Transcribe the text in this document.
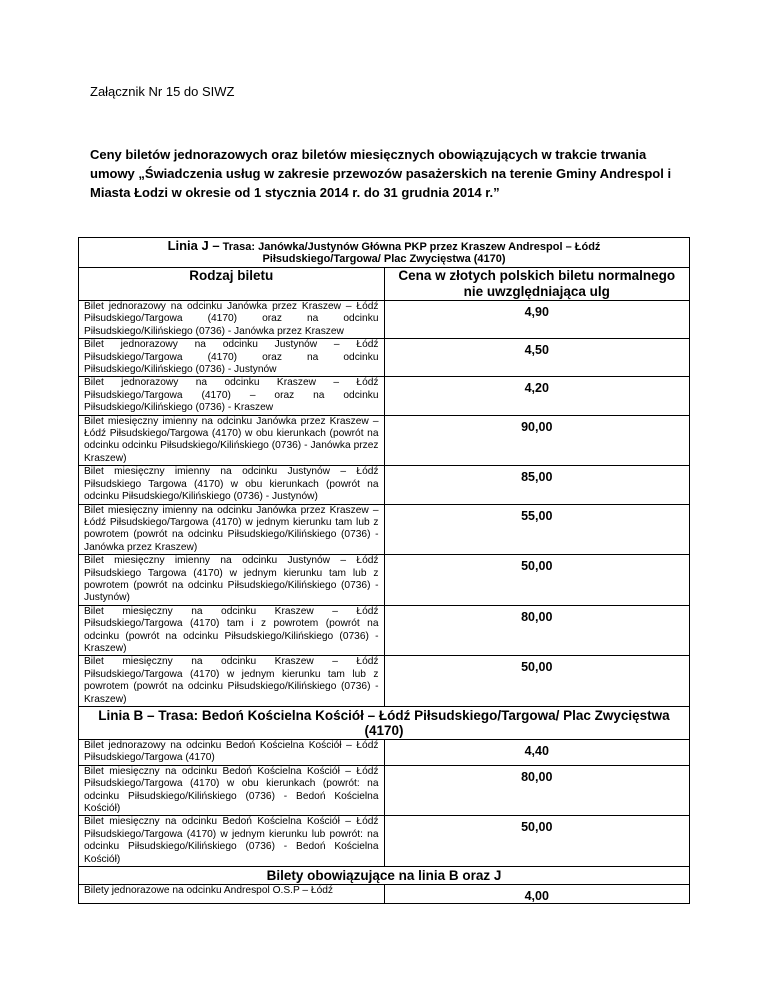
Załącznik Nr 15 do SIWZ
Ceny biletów jednorazowych oraz biletów miesięcznych obowiązujących w trakcie trwania umowy „Świadczenia usług w zakresie przewozów pasażerskich na terenie Gminy Andrespol i Miasta Łodzi w okresie od 1 stycznia 2014 r. do 31 grudnia 2014 r.”
Linia J – Trasa: Janówka/Justynów Główna PKP przez Kraszew Andrespol – Łódź Piłsudskiego/Targowa/ Plac Zwycięstwa (4170)	
Rodzaj biletu	Cena w złotych polskich biletu normalnego nie uwzględniająca ulg
Bilet jednorazowy na odcinku Janówka przez Kraszew – Łódź Piłsudskiego/Targowa (4170) oraz na odcinku Piłsudskiego/Kilińskiego (0736) - Janówka przez Kraszew	4,90

Bilet jednorazowy na odcinku Justynów – Łódź Piłsudskiego/Targowa (4170) oraz na odcinku Piłsudskiego/Kilińskiego (0736) - Justynów	4,50

Bilet jednorazowy na odcinku Kraszew – Łódź Piłsudskiego/Targowa (4170) – oraz na odcinku Piłsudskiego/Kilińskiego (0736) - Kraszew	4,20

Bilet miesięczny imienny na odcinku Janówka przez Kraszew – Łódź Piłsudskiego/Targowa (4170) w obu kierunkach (powrót na odcinku odcinku Piłsudskiego/Kilińskiego (0736) - Janówka przez Kraszew)	90,00

Bilet miesięczny imienny na odcinku Justynów – Łódź Piłsudskiego Targowa (4170) w obu kierunkach (powrót na odcinku Piłsudskiego/Kilińskiego (0736) - Justynów)	85,00

Bilet miesięczny imienny na odcinku Janówka przez Kraszew – Łódź Piłsudskiego/Targowa (4170) w jednym kierunku tam lub z powrotem (powrót na odcinku Piłsudskiego/Kilińskiego (0736) - Janówka przez Kraszew)	55,00

Bilet miesięczny imienny na odcinku Justynów – Łódź Piłsudskiego Targowa (4170) w jednym kierunku tam lub z powrotem (powrót na odcinku Piłsudskiego/Kilińskiego (0736) - Justynów)	50,00

Bilet miesięczny na odcinku Kraszew – Łódź Piłsudskiego/Targowa (4170) tam i z powrotem (powrót na odcinku (powrót na odcinku Piłsudskiego/Kilińskiego (0736) - Kraszew)	80,00

Bilet miesięczny na odcinku Kraszew – Łódź Piłsudskiego/Targowa (4170) w jednym kierunku tam lub z powrotem (powrót na odcinku Piłsudskiego/Kilińskiego (0736) - Kraszew)	50,00

Linia B – Trasa: Bedoń Kościelna Kościół – Łódź Piłsudskiego/Targowa/ Plac Zwycięstwa (4170)	
Bilet jednorazowy na odcinku Bedoń Kościelna Kościół – Łódź Piłsudskiego/Targowa (4170)	4,40

Bilet miesięczny na odcinku Bedoń Kościelna Kościół – Łódź Piłsudskiego/Targowa (4170) w obu kierunkach (powrót: na odcinku Piłsudskiego/Kilińskiego (0736) - Bedoń Kościelna Kościół)	80,00

Bilet miesięczny na odcinku Bedoń Kościelna Kościół – Łódź Piłsudskiego/Targowa (4170) w jednym kierunku lub powrót: na odcinku Piłsudskiego/Kilińskiego (0736) - Bedoń Kościelna Kościół)	50,00

Bilety obowiązujące na linia B oraz J	
Bilety jednorazowe na odcinku Andrespol O.S.P – Łódź	4,00
